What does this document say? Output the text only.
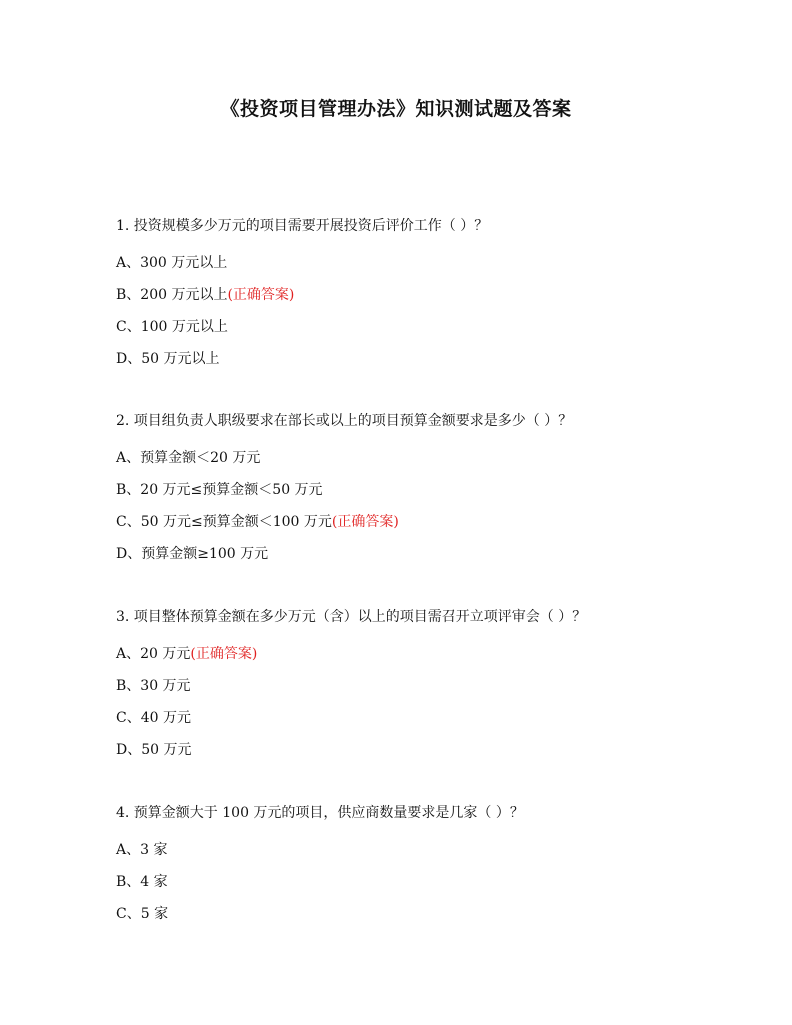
《投资项目管理办法》知识测试题及答案
1. 投资规模多少万元的项目需要开展投资后评价工作（ ）？
A、300 万元以上
B、200 万元以上(正确答案)
C、100 万元以上
D、50 万元以上
2. 项目组负责人职级要求在部长或以上的项目预算金额要求是多少（ ）？
A、预算金额＜20 万元
B、20 万元≤预算金额＜50 万元
C、50 万元≤预算金额＜100 万元(正确答案)
D、预算金额≥100 万元
3. 项目整体预算金额在多少万元（含）以上的项目需召开立项评审会（ ）？
A、20 万元(正确答案)
B、30 万元
C、40 万元
D、50 万元
4. 预算金额大于 100 万元的项目，供应商数量要求是几家（ ）？
A、3 家
B、4 家
C、5 家
